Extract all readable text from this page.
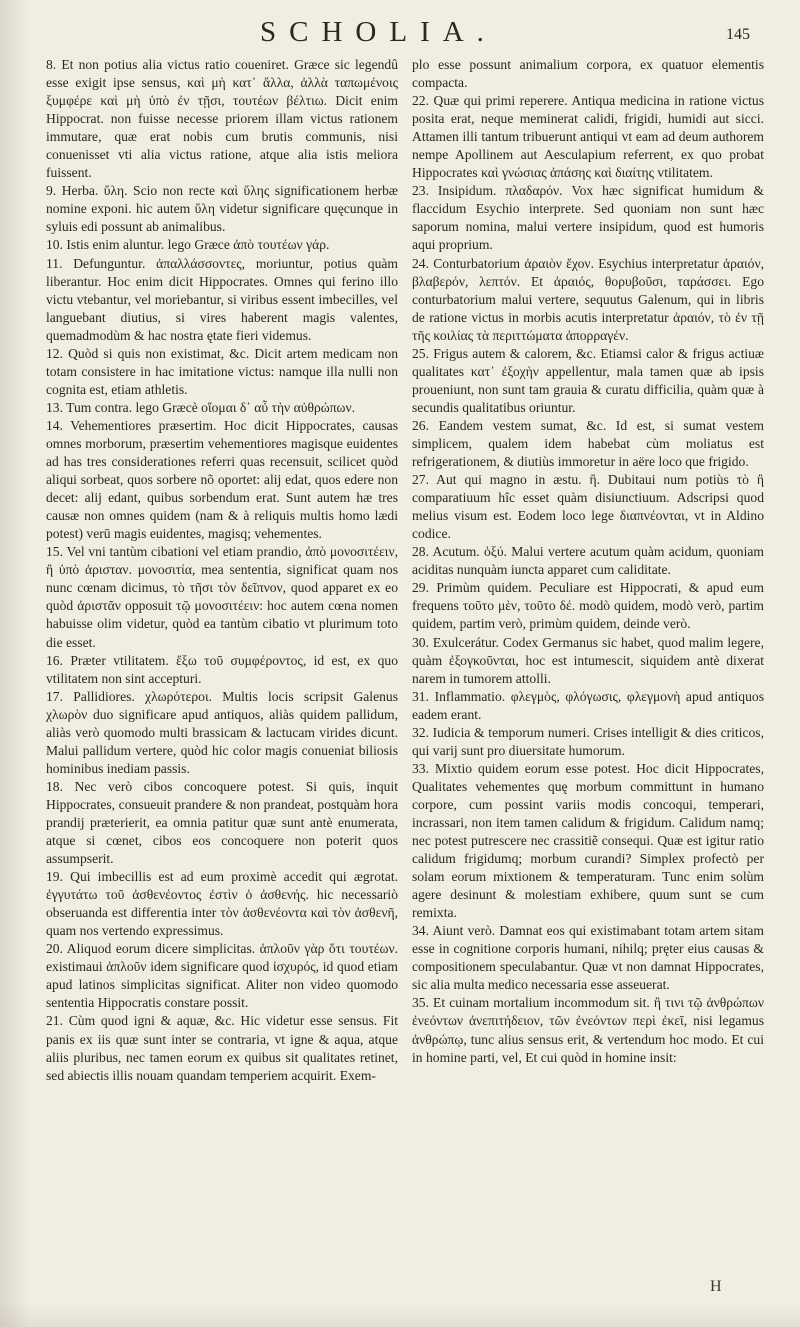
SCHOLIA.	145

8. Et non potius alia victus ratio coueniret. Græce sic legendû esse exigit ipse sensus, καὶ μὴ κατ᾽ ἄλλα, ἀλλὰ ταπωμένοις ξυμφέρε καὶ μὴ ὑπὸ ἐν τῇσι, τουτέων βέλτιω. Dicit enim Hippocrat. non fuisse necesse priorem illam victus rationem immutare, quæ erat nobis cum brutis communis, nisi conuenisset vti alia victus ratione, atque alia istis meliora fuissent.

9. Herba. ὕλη. Scio non recte καὶ ὕλης significationem herbæ nomine exponi. hic autem ὕλη videtur significare quęcunque in syluis edi possunt ab animalibus.

10. Istis enim aluntur. lego Græce ἀπὸ τουτέων γάρ.

11. Defunguntur. ἀπαλλάσσοντες, moriuntur, potius quàm liberantur. Hoc enim dicit Hippocrates. Omnes qui ferino illo victu vtebantur, vel moriebantur, si viribus essent imbecilles, vel languebant diutius, si vires haberent magis valentes, quemadmodùm & hac nostra ętate fieri videmus.

12. Quòd si quis non existimat, &c. Dicit artem medicam non totam consistere in hac imitatione victus: namque illa nulli non cognita est, etiam athletis.

13. Tum contra. lego Græcè οἴομαι δ᾽ αὖ τὴν αὐθρώπων.

14. Vehementiores præsertim. Hoc dicit Hippocrates, causas omnes morborum, præsertim vehementiores magisque euidentes ad has tres considerationes referri quas recensuit, scilicet quòd aliqui sorbeat, quos sorbere nõ oportet: alij edat, quos edere non decet: alij edant, quibus sorbendum erat. Sunt autem hæ tres causæ non omnes quidem (nam & à reliquis multis homo lædi potest) verū magis euidentes, magisq; vehementes.

15. Vel vni tantùm cibationi vel etiam prandio, ἀπὸ μονοσιτέειν, ἢ ὑπὸ ἀρισταν. μονοσιτία, mea sententia, significat quam nos nunc cœnam dicimus, τὸ τῆσι τὸν δεῖπνον, quod apparet ex eo quòd ἀριστᾶν opposuit τῷ μονοσιτέειν: hoc autem cœna nomen habuisse olim videtur, quòd ea tantùm cibatio vt plurimum toto die esset.

16. Præter vtilitatem. ἔξω τοῦ συμφέροντος, id est, ex quo vtilitatem non sint accepturi.

17. Pallidiores. χλωρότεροι. Multis locis scripsit Galenus χλωρὸν duo significare apud antiquos, aliàs quidem pallidum, aliàs verò quomodo multi brassicam & lactucam virides dicunt. Malui pallidum vertere, quòd hic color magis conueniat biliosis hominibus inediam passis.

18. Nec verò cibos concoquere potest. Si quis, inquit Hippocrates, consueuit prandere & non prandeat, postquàm hora prandij præterierit, ea omnia patitur quæ sunt antè enumerata, atque si cœnet, cibos eos concoquere non poterit quos assumpserit.

19. Qui imbecillis est ad eum proximè accedit qui ægrotat. ἐγγυτάτω τοῦ ἀσθενέοντος ἐστὶν ὁ ἀσθενής. hic necessariò obseruanda est differentia inter τὸν ἀσθενέοντα καὶ τὸν ἀσθενῆ, quam nos vertendo expressimus.

20. Aliquod eorum dicere simplicitas. ἁπλοῦν γὰρ ὅτι τουτέων. existimaui ἁπλοῦν idem significare quod ἰσχυρός, id quod etiam apud latinos simplicitas significat. Aliter non video quomodo sententia Hippocratis constare possit.

21. Cùm quod igni & aquæ, &c. Hic videtur esse sensus. Fit panis ex iis quæ sunt inter se contraria, vt igne & aqua, atque aliis pluribus, nec tamen eorum ex quibus sit qualitates retinet, sed abiectis illis nouam quandam temperiem acquirit. Exem-

plo esse possunt animalium corpora, ex quatuor elementis compacta.

22. Quæ qui primi reperere. Antiqua medicina in ratione victus posita erat, neque meminerat calidi, frigidi, humidi aut sicci. Attamen illi tantum tribuerunt antiqui vt eam ad deum authorem nempe Apollinem aut Aesculapium referrent, ex quo probat Hippocrates καὶ γνώσιας ἀπάσης καὶ διαίτης vtilitatem.

23. Insipidum. πλαδαρόν. Vox hæc significat humidum & flaccidum Esychio interprete. Sed quoniam non sunt hæc saporum nomina, malui vertere insipidum, quod est humoris aqui proprium.

24. Conturbatorium ἀραιὸν ἔχον. Esychius interpretatur ἀραιόν, βλαβερόν, λεπτόν. Et ἀραιός, θορυβοῦσι, ταράσσει. Ego conturbatorium malui vertere, sequutus Galenum, qui in libris de ratione victus in morbis acutis interpretatur ἀραιόν, τὸ ἐν τῇ τῆς κοιλίας τὰ περιττώματα ἀπορραγέν.

25. Frigus autem & calorem, &c. Etiamsi calor & frigus actiuæ qualitates κατ᾽ ἐξοχὴν appellentur, mala tamen quæ ab ipsis proueniunt, non sunt tam grauia & curatu difficilia, quàm quæ à secundis qualitatibus oriuntur.

26. Eandem vestem sumat, &c. Id est, si sumat vestem simplicem, qualem idem habebat cùm moliatus est refrigerationem, & diutiùs immoretur in aëre loco que frigido.

27. Aut qui magno in æstu. ἢ. Dubitaui num potiùs τὸ ἢ comparatiuum hîc esset quàm disiunctiuum. Adscripsi quod melius visum est. Eodem loco lege διαπνέονται, vt in Aldino codice.

28. Acutum. ὀξύ. Malui vertere acutum quàm acidum, quoniam aciditas nunquàm iuncta apparet cum caliditate.

29. Primùm quidem. Peculiare est Hippocrati, & apud eum frequens τοῦτο μὲν, τοῦτο δέ. modò quidem, modò verò, partim quidem, partim verò, primùm quidem, deinde verò.

30. Exulcerátur. Codex Germanus sic habet, quod malim legere, quàm ἐξογκοῦνται, hoc est intumescit, siquidem antè dixerat narem in tumorem attolli.

31. Inflammatio. φλεγμὸς, φλόγωσις, φλεγμονὴ apud antiquos eadem erant.

32. Iudicia & temporum numeri. Crises intelligit & dies criticos, qui varij sunt pro diuersitate humorum.

33. Mixtio quidem eorum esse potest. Hoc dicit Hippocrates, Qualitates vehementes quę morbum committunt in humano corpore, cum possint variis modis concoqui, temperari, incrassari, non item tamen calidum & frigidum. Calidum namq; nec potest putrescere nec crassitiẽ consequi. Quæ est igitur ratio calidum frigidumq; morbum curandi? Simplex profectò per solam eorum mixtionem & temperaturam. Tunc enim solùm agere desinunt & molestiam exhibere, quum sunt se cum remixta.

34. Aiunt verò. Damnat eos qui existimabant totam artem sitam esse in cognitione corporis humani, nihilq; pręter eius causas & compositionem speculabantur. Quæ vt non damnat Hippocrates, sic alia multa medico necessaria esse asseuerat.

35. Et cuinam mortalium incommodum sit. ἢ τινι τῷ ἀνθρώπων ἐνεόντων ἀνεπιτήδειον, τῶν ἐνεόντων περὶ ἐκεῖ, nisi legamus ἀνθρώπῳ, tunc alius sensus erit, & vertendum hoc modo. Et cui in homine parti, vel, Et cui quòd in homine insit:

H
